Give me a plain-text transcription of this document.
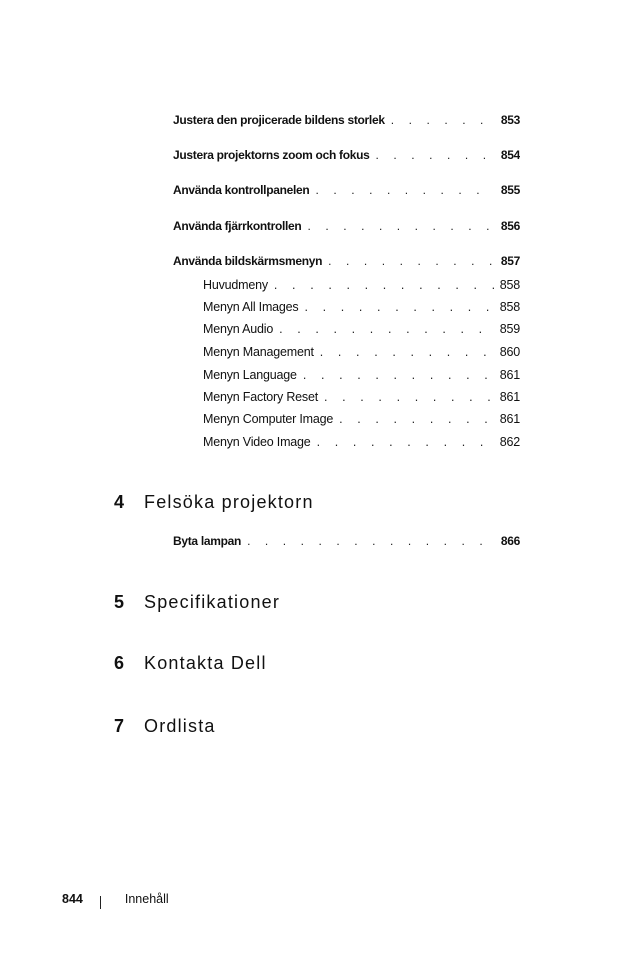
Justera den projicerade bildens storlek . . .	853
Justera projektorns zoom och fokus . . .	854
Använda kontrollpanelen . . .	855
Använda fjärrkontrollen . . .	856
Använda bildskärmsmenyn . . .	857
Huvudmeny . . .	858
Menyn All Images . . .	858
Menyn Audio . . .	859
Menyn Management . . .	860
Menyn Language . . .	861
Menyn Factory Reset . . .	861
Menyn Computer Image . . .	861
Menyn Video Image . . .	862
4	Felsöka projektorn
Byta lampan . . .	866
5	Specifikationer
6	Kontakta Dell
7	Ordlista
844	Innehåll
